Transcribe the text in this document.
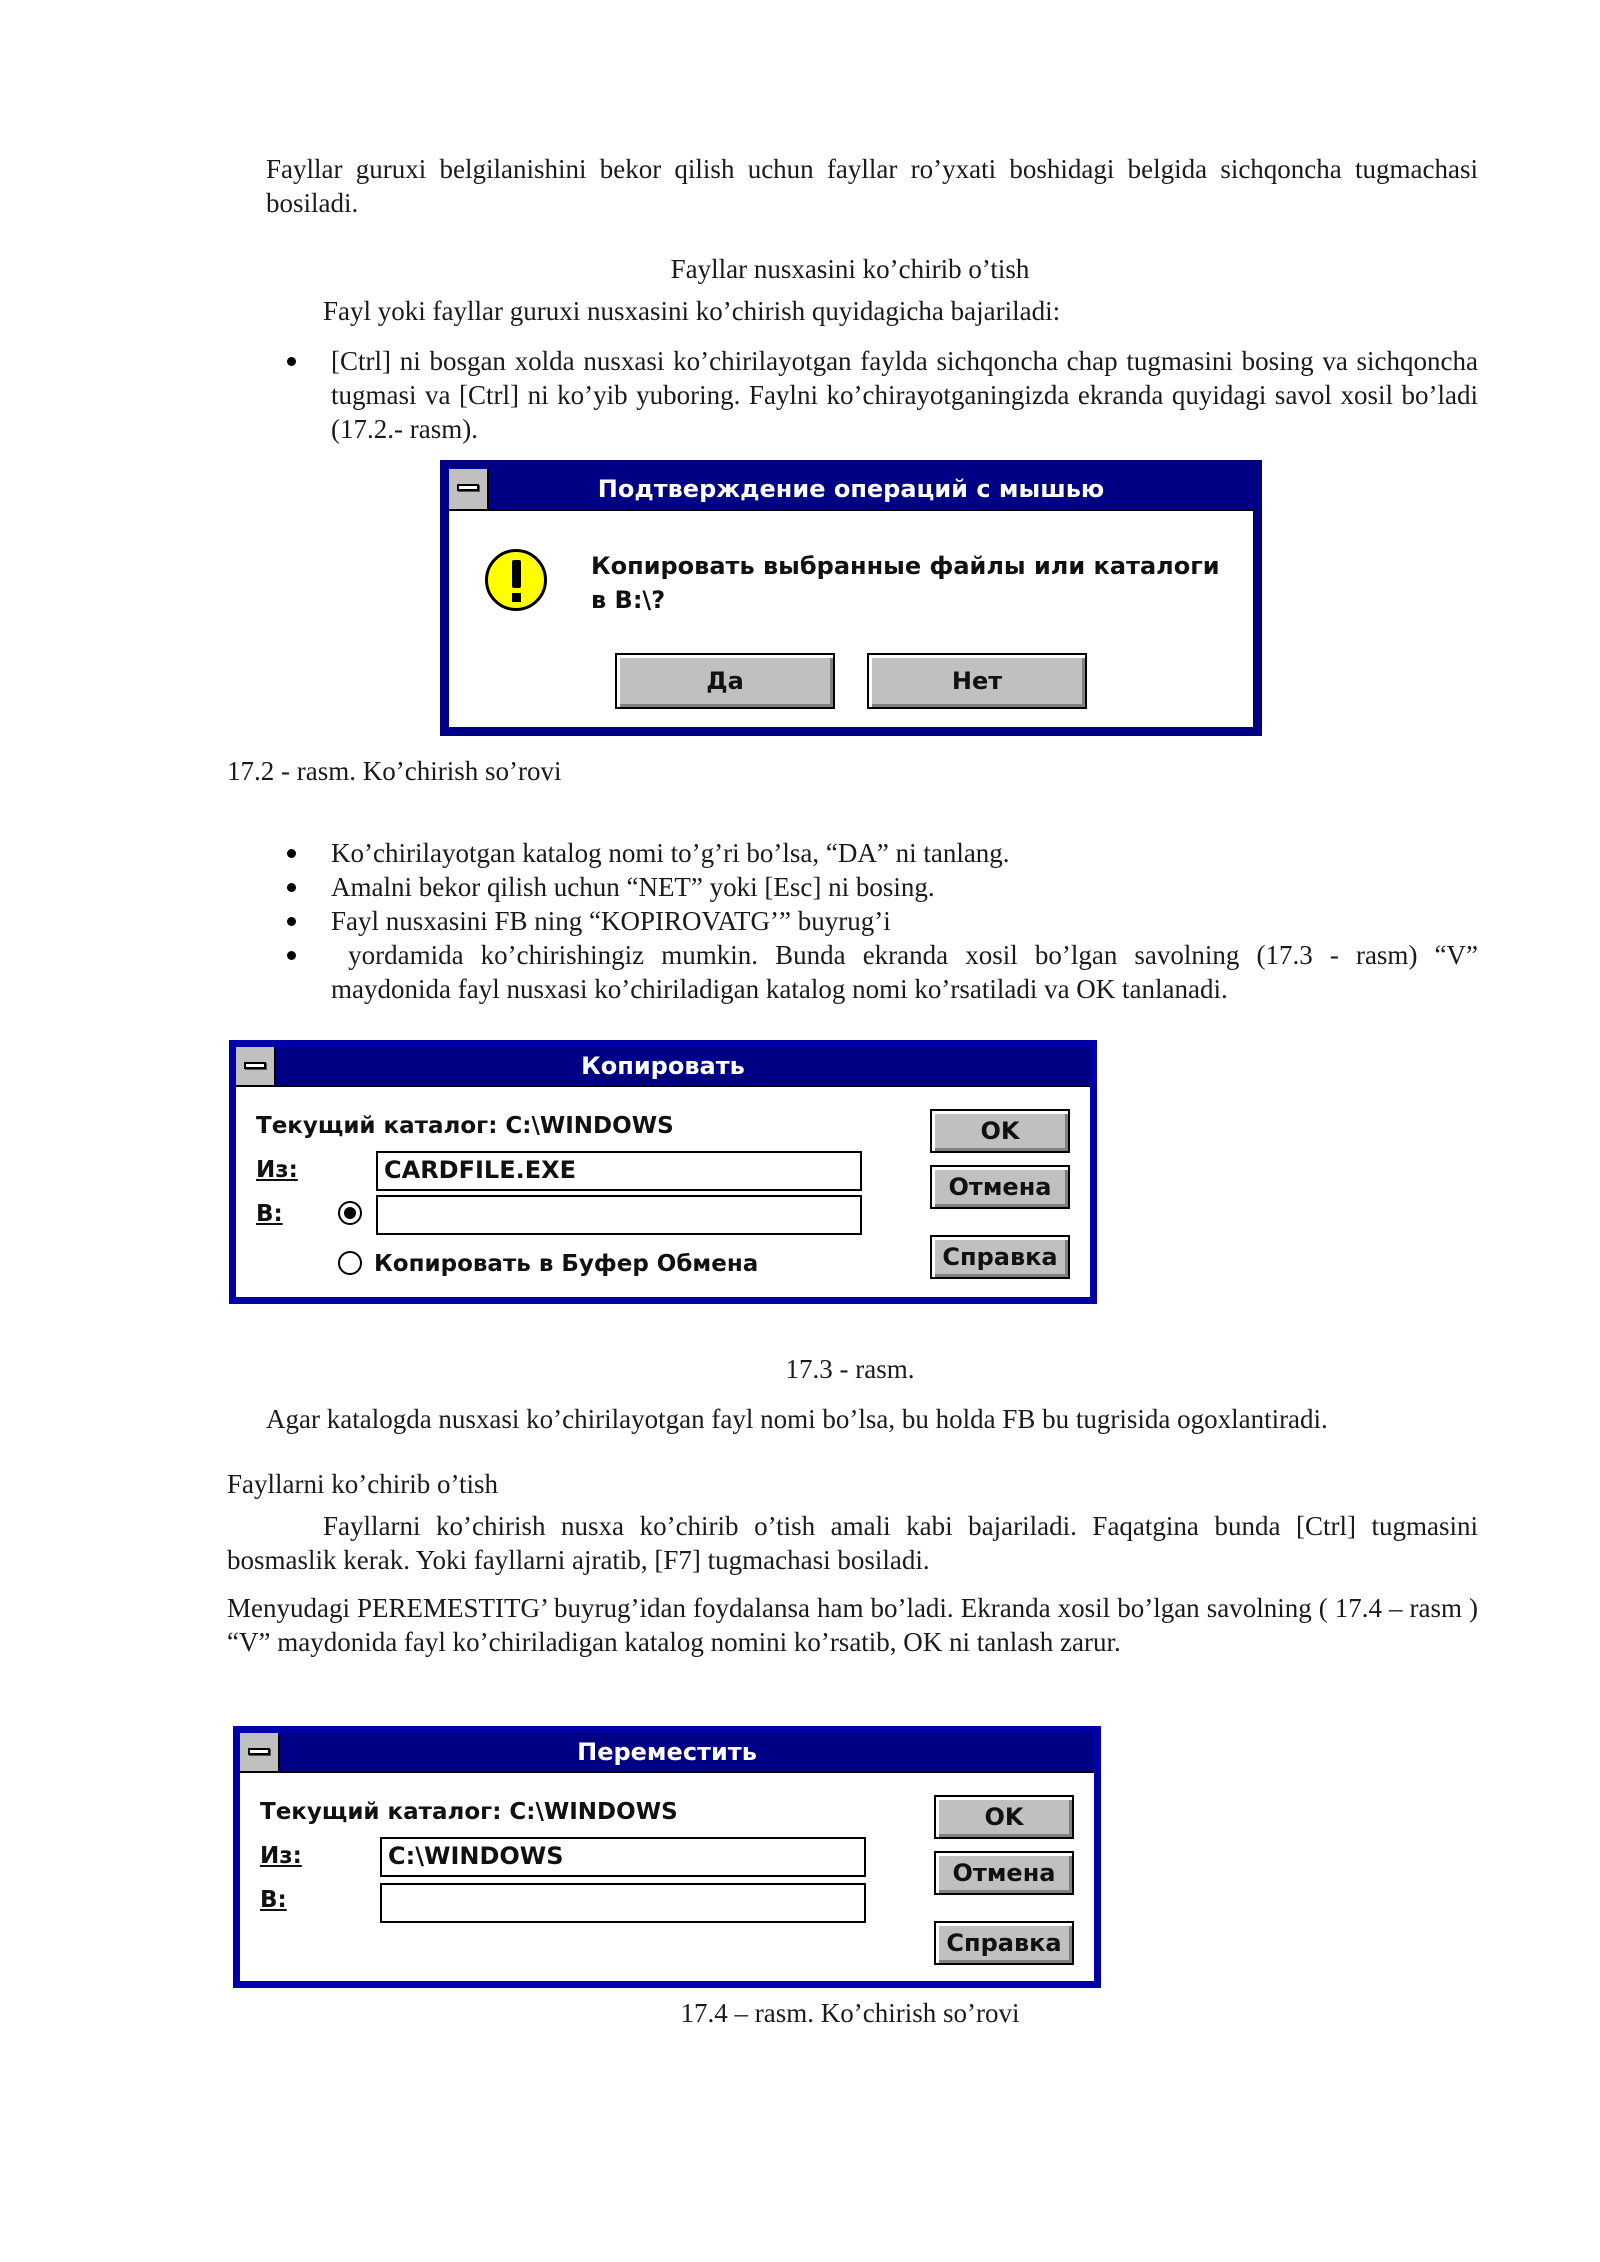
Fayllar guruxi belgilanishini bekor qilish uchun fayllar ro’yxati boshidagi belgida sichqoncha tugmachasi bosiladi.
Fayllar nusxasini ko’chirib o’tish
Fayl yoki fayllar guruxi nusxasini ko’chirish quyidagicha bajariladi:
[Ctrl] ni bosgan xolda nusxasi ko’chirilayotgan faylda sichqoncha chap tugmasini bosing va sichqoncha tugmasi va [Ctrl] ni ko’yib yuboring. Faylni ko’chirayotganingizda ekranda quyidagi savol xosil bo’ladi (17.2.- rasm).
Подтверждение операций с мышью
Копировать выбранные файлы или каталоги в B:\?
Да	Нет
17.2 - rasm. Ko’chirish so’rovi
Ko’chirilayotgan katalog nomi to’g’ri bo’lsa, “DA” ni tanlang.
Amalni bekor qilish uchun “NET” yoki [Esc] ni bosing.
Fayl nusxasini FB ning “KOPIROVATG’” buyrug’i
yordamida ko’chirishingiz mumkin. Bunda ekranda xosil bo’lgan savolning (17.3 - rasm) “V” maydonida fayl nusxasi ko’chiriladigan katalog nomi ko’rsatiladi va OK tanlanadi.
Копировать
Текущий каталог: C:\WINDOWS
Из:	CARDFILE.EXE
В:
Копировать в Буфер Обмена
OK
Отмена
Справка
17.3 - rasm.
Agar katalogda nusxasi ko’chirilayotgan fayl nomi bo’lsa, bu holda FB bu tugrisida ogoxlantiradi.
Fayllarni ko’chirib o’tish
Fayllarni ko’chirish nusxa ko’chirib o’tish amali kabi bajariladi. Faqatgina bunda [Ctrl] tugmasini bosmaslik kerak. Yoki fayllarni ajratib, [F7] tugmachasi bosiladi.
Menyudagi PEREMESTITG’ buyrug’idan foydalansa ham bo’ladi. Ekranda xosil bo’lgan savolning ( 17.4 – rasm ) “V” maydonida fayl ko’chiriladigan katalog nomini ko’rsatib, OK ni tanlash zarur.
Переместить
Текущий каталог: C:\WINDOWS
Из:	C:\WINDOWS
В:
OK
Отмена
Справка
17.4 – rasm. Ko’chirish so’rovi
